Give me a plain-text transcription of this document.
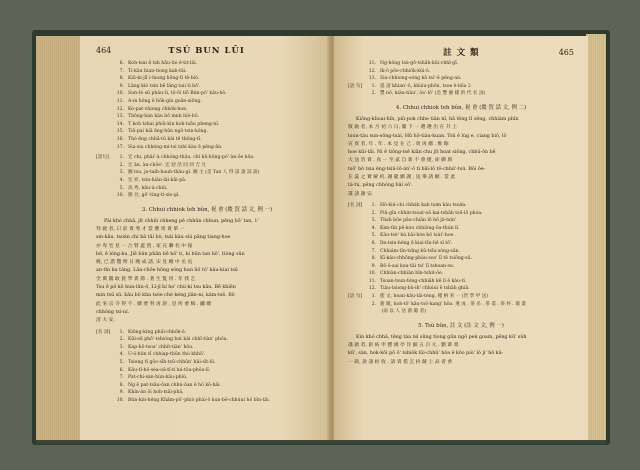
464	TSÚ BUN LŪI
6. Koh-tsai ē tsh hāu-tio ē-tit-lâi.
7. Ti-kàu hian-tiong kah-tâi.
8. Kiû-ki-jû̂ i-hiong hōng-tī tē-hiò.
9. Lâng kiò tsin bē lâng taii ti bô'.
10. Sun-tò sū phâu-tì, tō-ôi tiō Bím-pō' kâu-bô.
11. A̍-in hông ē hōk-gín goān-siōng.
12. Kó-pat-chiong chhòk-bun.
13. Thông-bán kàu bô mnh hiò-bô.
14. T koh tshai phiû-kin koh-tsāu pheng-nî.
15. Tiô-pai hiâ êng-hûn ngô-tsin-kóng.
16. Thó ēng chhā-tû kái tē thông-tī.
17. Sia-sia chhéng-mi-tsi tshi kàu ē pêng-ān.
[語句] 1. 宏 chi, phâi'-à chhóng-thâu, chì kā-hông-pó'-àn-ōe hôa.
2. 宏 ān, àn-chôe'. 宏 迎 浩 同 同 吉 凡
3. 圖 tsu, ja-taih-hauh-thâu-gí. 圖 主 (是 Tan 人 得 諒 諸 諒 說)
4. 宏 祥, tsin-hiān-lâi-kāi-pâ.
5. 高 秀, kâu-ú-chiù.
10. 簡 吾, gô'-ting-ti-sio-gí.
3. Chhui chhiok teh bûn, 祝 會 (慶 賀 話 文, 例 一)
Pái khó chhâ, jît chhiû chheng pê chhûn chhun, pēng bō' tan, 1'
拜 啟 者, 日 前 貴 秀 才 當 選 貴 貴 單 一
sin-kâu, tsoân chi bā tâi bò, tsái kàu siú pāng tiang-hoe
亦 卑 宅 見 一 合 臂 遊 賀 , 家 兄 聯 名 中 報
bē, ê lóng-ku, Jiê bûn phân bē hō' ti, kí bûn tan hô', tiòng sūn
桃, 已 諧 覽 明 日 晚 成 諸, 宋 見 總 中 丞 長
an-tîn ku tàng. Lân-chôe hông sóng hun liō tô' kâu-kiai tsū
全 萬 圓 敢 賀 學 貴 節 . 著 生 覧 用 . 年 我 乞
Tsu ê pô kō hun-lûn-ō, Lî-jî bí ho' chù-ki tsu kâu. Bē khiên
mín tsū sū. kâu bô kha tsóe chè kéng jiân-ni, kám-tsê. Bô
此 來 宗 寺 得 不 . 總 要 努 再 說 , 是 所 要 稿 . 鐵 總
chhōng tsi-ní.
清 大 安.
[名 詞] 1. Kiông-kíng phâi-chhōk-ô.
2. Kūi-sū phô'-tshióng bat kái chhī-tiàn' phôa.
3. Kap-hō-tsoa' chhít-tiàn' hôa.
4. Ū-ô-hûn tî chhiap-thûn thò khhō'.
5. Tsiong tî gôo-sīh-tsū-chhūn' kûi-sīt-lû.
6. Kāu-tī-hô-séa-oâ-tî-tí ká-tôa-phōa-lî.
7. Pat-chí-sán-hún-kâu-phiú.
8. Ng ê pat-tsāu-ôan chhú-ôan ē hô kô-hâi.
9. Khín-án ôi hoh-tsâi-phâ.
10. Bûn-kin-héng Khâm-pō'-phiò phài-ō kun-bē-chhúui hô bîn-tâi.
註 文 類	465
11. Ng-hông tsù-gō-tshāh-kûi-chhī-gī.
12. Ik-ô pōe-chhiôk-kûi-ô.
13. Sia-chhiong-sóng kā tsi'-ē pêng-an.
[語 句] 1. 提 請 khian'-ō, khiáu-phōn, tsoe ē-bōa 2
2. 豐 nō, kiàu-tiàu', ôa'-lō' (是 豐 慶 樣 的 代 名 詞)
4. Chhui chhiok teh bûn, 祝 會 (慶 賀 話 文, 例 二)
Kiông-khoai-hîn, piū-pok chhe tiân nî, hā tông tī sêng, chhiám phīn
敬 啟 者, 本 月 初 六 日, 閣 下 一 選 選 出 在 升 上
tsun-tàu sun-sông-tsài, Hū hô-tiáu-kuan. Tsū ê lúg e, ciang biô, lô
宣 貴 者, 年 . 年 . 本 見 在 己 . 貴 再 總 . 惟 餘
hoe kūi-tāi. Ni ē tiōng-tsê kiân chu jît hoat siông, chhû-ôn bē
大 送 答 貴 . 真 一 至 貳 自 新 不 會 捷, 卻 御 與
tsô' bô tsia êng-tsiû-lô-án'-ô tì bāi-lô tô-chhú'-tsú. Bôi ôe-
在 蕊 之 實 解 約, 謝 龍 願 謝 , 送 畢 請 願 . 當 此
tà-tù, pêng chhóng bâi sô'.
謀 諸 謝 安.
[名 詞] 1. Hô-kiú-chi chháh kah tsim kàu tsoān.
2. Piû-gīn chhin-tsoat-oâ kai-tshāh tsū-lô phóa.
3. Thah bôe pāu-chiān lō hô jìi-tsin'
4. Kim-tīn pē-kou chhiōng-ôa-thún lî.
5. Kàu-tsè' bù bài-hóe bô tsùi'-hoe.
6. Ĩm-tsin-héng ē kiai-tîn-hê sī tô'.
7. Chhiám-tîn-tsīng kû-tsīu-sòng-sân.
8. Kī-kâu-chhōng-phàu-soo' lī tê tsiōng-sû.
9. Bô-ô-sai kau-tâi tsi' lī tshoan-su.
10. Chhiàn-chhiân bīn-tshit-ōe.
11. Tsoan-tsun-tóng-chhiâh kē lî ê kâu-tî.
12. Tiàu-tsiong-bù-ih' chhúui ē tshāh ghiâ.
[語 句] 1. 藍 文, hoan-kâu-tâi-téng. 槿 柄 來 一 (皆 學 甲 送)
2. 鉗 鏡, hoh-tô' kâu-tsō-kang' hôa. 蓮 成 . 茶 吊 . 茶 落 . 茶 杯 . 葡 畫
(南 以 人 送 菌 葡 者)
5. Tsù bûn, 註 文 (註 文 文, 例 一)
Kin khó chhâ, têng táa tsī sūng tiong gūn ngō pek goain, pēng kū' sùh
謹 啟 者, 鉅 紡 申 寶 國 亭 洋 細 五 百 元 . 劉 葦 寬
kū', sàn, hok-kôi pô ō' tshiôk lūi-chhū' hôa ê kōo piò' lô ji' hô kâ-
一 畝, 說 諸 桓 收 . 請 貴 搭 乞 拚 薩 上 品 者 香
